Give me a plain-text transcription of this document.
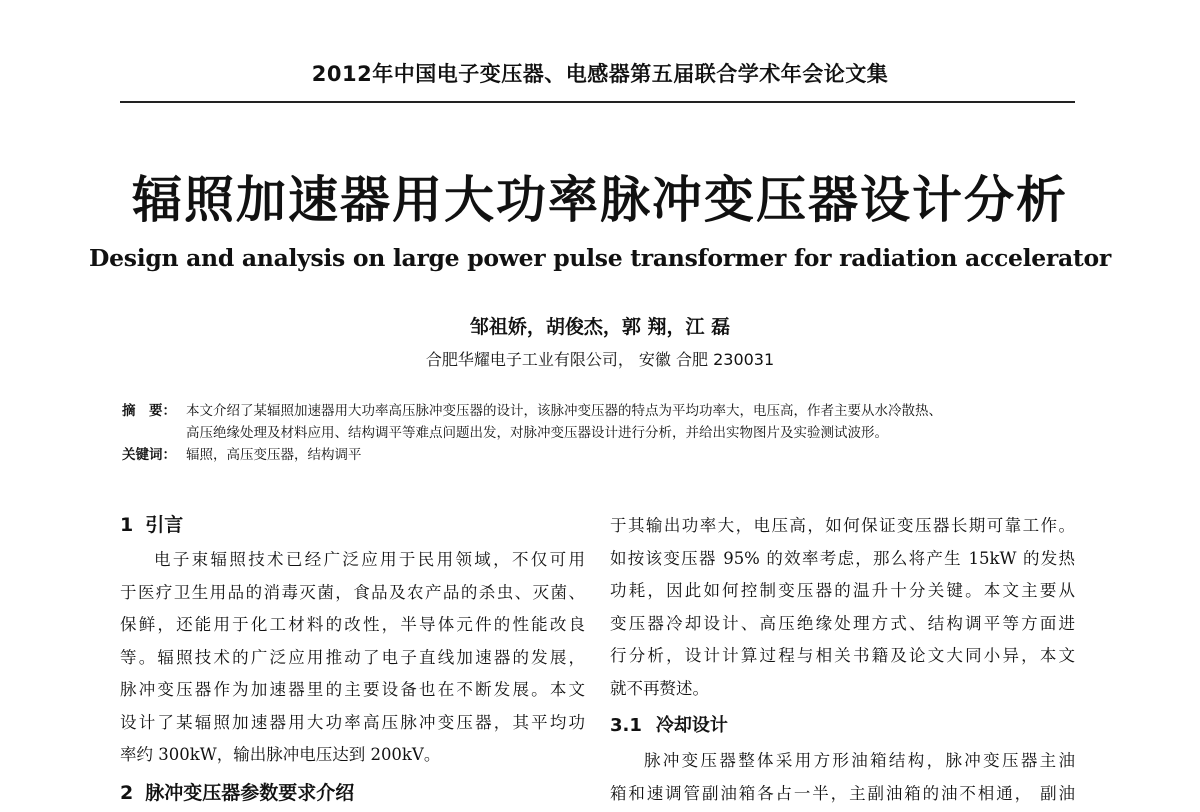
2012年中国电子变压器、电感器第五届联合学术年会论文集
辐照加速器用大功率脉冲变压器设计分析
Design and analysis on large power pulse transformer for radiation accelerator
邹祖娇，胡俊杰，郭 翔，江 磊
合肥华耀电子工业有限公司， 安徽 合肥 230031
摘　要： 本文介绍了某辐照加速器用大功率高压脉冲变压器的设计，该脉冲变压器的特点为平均功率大，电压高，作者主要从水冷散热、
高压绝缘处理及材料应用、结构调平等难点问题出发，对脉冲变压器设计进行分析，并给出实物图片及实验测试波形。
关键词： 辐照，高压变压器，结构调平
1 引言
电子束辐照技术已经广泛应用于民用领域，不仅可用
于医疗卫生用品的消毒灭菌，食品及农产品的杀虫、灭菌、
保鲜，还能用于化工材料的改性，半导体元件的性能改良
等。辐照技术的广泛应用推动了电子直线加速器的发展，
脉冲变压器作为加速器里的主要设备也在不断发展。本文
设计了某辐照加速器用大功率高压脉冲变压器，其平均功
率约 300kW，输出脉冲电压达到 200kV。
2 脉冲变压器参数要求介绍
于其输出功率大，电压高，如何保证变压器长期可靠工作。
如按该变压器 95% 的效率考虑，那么将产生 15kW 的发热
功耗，因此如何控制变压器的温升十分关键。本文主要从
变压器冷却设计、高压绝缘处理方式、结构调平等方面进
行分析，设计计算过程与相关书籍及论文大同小异，本文
就不再赘述。
3.1 冷却设计
脉冲变压器整体采用方形油箱结构，脉冲变压器主油
箱和速调管副油箱各占一半，主副油箱的油不相通， 副油
